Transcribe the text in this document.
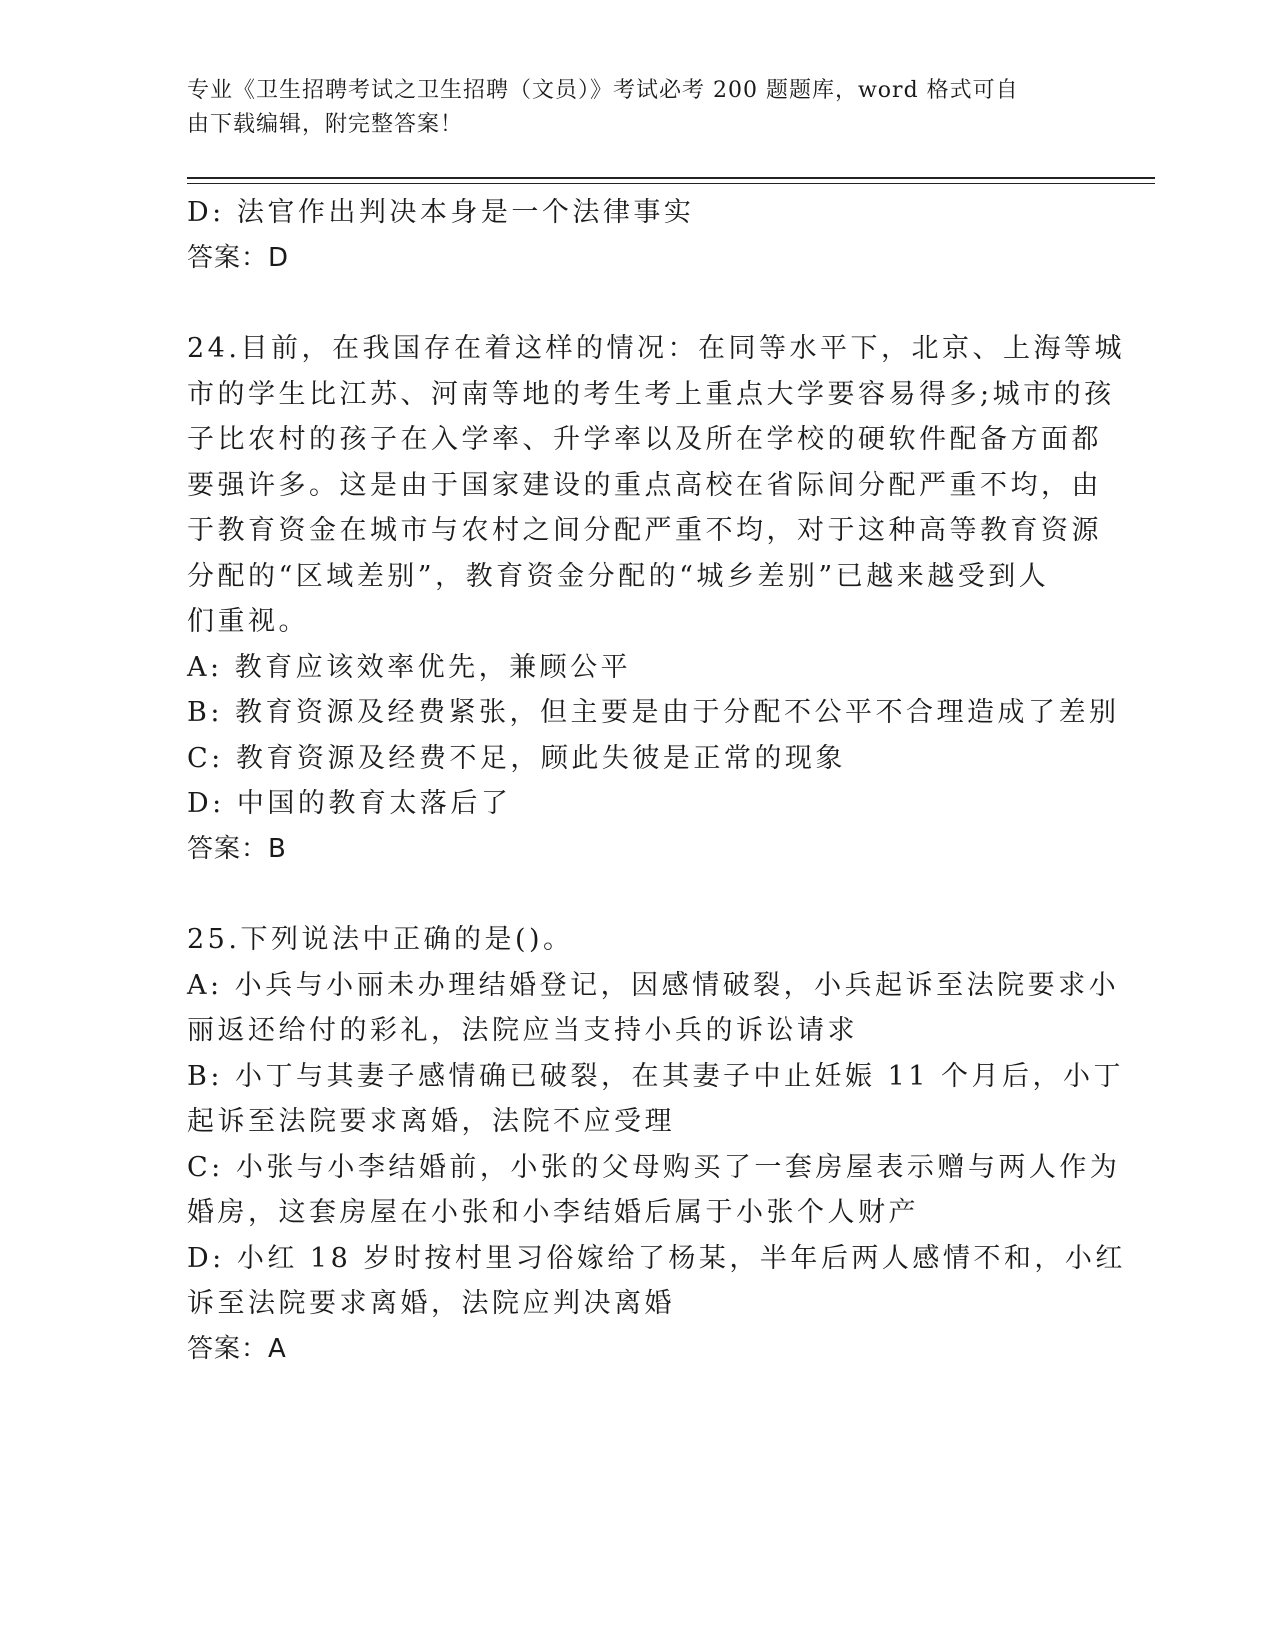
专业《卫生招聘考试之卫生招聘（文员）》考试必考 200 题题库，word 格式可自
由下载编辑，附完整答案！
D: 法官作出判决本身是一个法律事实
答案：D
24.目前，在我国存在着这样的情况：在同等水平下，北京、上海等城
市的学生比江苏、河南等地的考生考上重点大学要容易得多;城市的孩
子比农村的孩子在入学率、升学率以及所在学校的硬软件配备方面都
要强许多。这是由于国家建设的重点高校在省际间分配严重不均，由
于教育资金在城市与农村之间分配严重不均，对于这种高等教育资源
分配的“区域差别”，教育资金分配的“城乡差别”已越来越受到人
们重视。
A: 教育应该效率优先，兼顾公平
B: 教育资源及经费紧张，但主要是由于分配不公平不合理造成了差别
C: 教育资源及经费不足，顾此失彼是正常的现象
D: 中国的教育太落后了
答案：B
25.下列说法中正确的是()。
A: 小兵与小丽未办理结婚登记，因感情破裂，小兵起诉至法院要求小
丽返还给付的彩礼，法院应当支持小兵的诉讼请求
B: 小丁与其妻子感情确已破裂，在其妻子中止妊娠 11 个月后，小丁
起诉至法院要求离婚，法院不应受理
C: 小张与小李结婚前，小张的父母购买了一套房屋表示赠与两人作为
婚房，这套房屋在小张和小李结婚后属于小张个人财产
D: 小红 18 岁时按村里习俗嫁给了杨某，半年后两人感情不和，小红
诉至法院要求离婚，法院应判决离婚
答案：A
